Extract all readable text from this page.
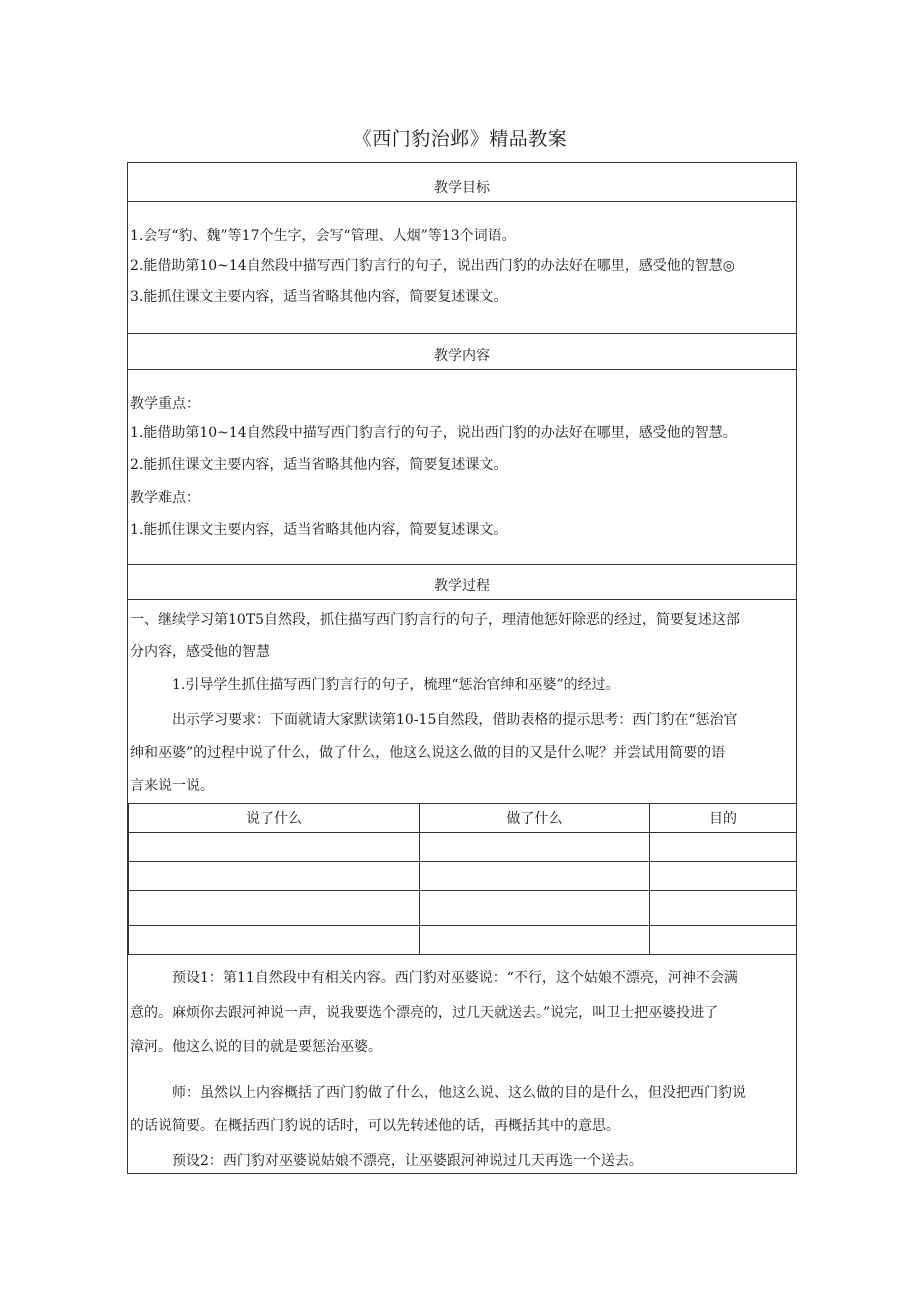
《西门豹治邺》精品教案
教学目标
1.会写“豹、魏”等17个生字，会写“管理、人烟”等13个词语。
2.能借助第10~14自然段中描写西门豹言行的句子，说出西门豹的办法好在哪里，感受他的智慧◎
3.能抓住课文主要内容，适当省略其他内容，简要复述课文。
教学内容
教学重点：
1.能借助第10~14自然段中描写西门豹言行的句子，说出西门豹的办法好在哪里，感受他的智慧。
2.能抓住课文主要内容，适当省略其他内容，简要复述课文。
教学难点：
1.能抓住课文主要内容，适当省略其他内容，简要复述课文。
教学过程
一、继续学习第10T5自然段，抓住描写西门豹言行的句子，理清他惩奸除恶的经过，简要复述这部
分内容，感受他的智慧
1.引导学生抓住描写西门豹言行的句子，梳理“惩治官绅和巫婆”的经过。
出示学习要求：下面就请大家默读第10-15自然段，借助表格的提示思考：西门豹在“惩治官
绅和巫婆”的过程中说了什么，做了什么，他这么说这么做的目的又是什么呢？并尝试用简要的语
言来说一说。
说了什么	做了什么	目的

预设1：第11自然段中有相关内容。西门豹对巫婆说：“不行，这个姑娘不漂亮，河神不会满
意的。麻烦你去跟河神说一声，说我要选个漂亮的，过几天就送去。”说完，叫卫士把巫婆投进了
漳河。他这么说的目的就是要惩治巫婆。
师：虽然以上内容概括了西门豹做了什么，他这么说、这么做的目的是什么，但没把西门豹说
的话说简要。在概括西门豹说的话时，可以先转述他的话，再概括其中的意思。
预设2：西门豹对巫婆说姑娘不漂亮，让巫婆跟河神说过几天再选一个送去。
